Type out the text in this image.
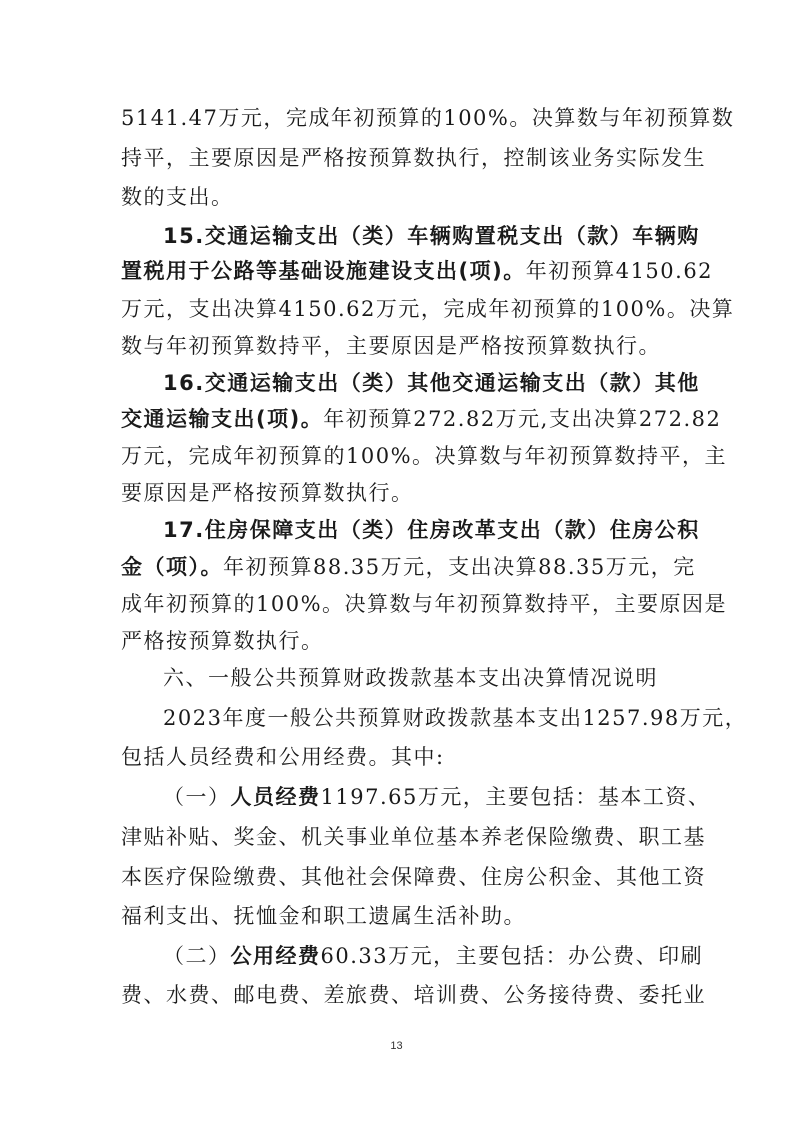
5141.47万元，完成年初预算的100%。决算数与年初预算数

持平，主要原因是严格按预算数执行，控制该业务实际发生

数的支出。

15.交通运输支出（类）车辆购置税支出（款）车辆购

置税用于公路等基础设施建设支出(项)。年初预算4150.62

万元，支出决算4150.62万元，完成年初预算的100%。决算

数与年初预算数持平，主要原因是严格按预算数执行。

16.交通运输支出（类）其他交通运输支出（款）其他

交通运输支出(项)。年初预算272.82万元,支出决算272.82

万元，完成年初预算的100%。决算数与年初预算数持平，主

要原因是严格按预算数执行。

17.住房保障支出（类）住房改革支出（款）住房公积

金（项）。年初预算88.35万元，支出决算88.35万元，完

成年初预算的100%。决算数与年初预算数持平，主要原因是

严格按预算数执行。

六、一般公共预算财政拨款基本支出决算情况说明

2023年度一般公共预算财政拨款基本支出1257.98万元，

包括人员经费和公用经费。其中:

（一）人员经费1197.65万元，主要包括：基本工资、

津贴补贴、奖金、机关事业单位基本养老保险缴费、职工基

本医疗保险缴费、其他社会保障费、住房公积金、其他工资

福利支出、抚恤金和职工遗属生活补助。

（二）公用经费60.33万元，主要包括：办公费、印刷

费、水费、邮电费、差旅费、培训费、公务接待费、委托业

13
